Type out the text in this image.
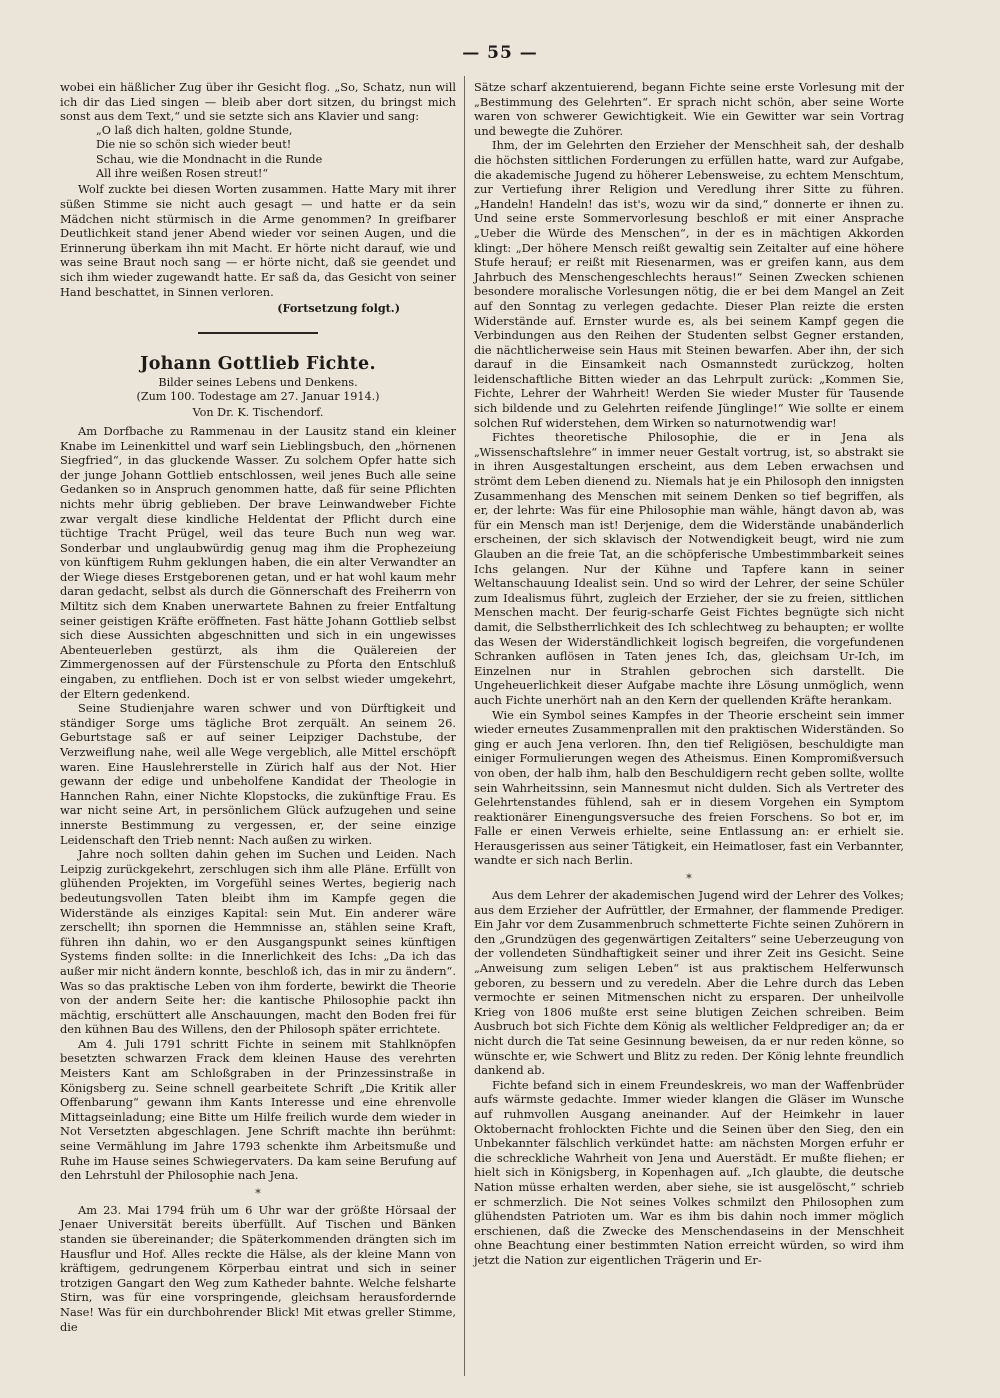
— 55 —

wobei ein häßlicher Zug über ihr Gesicht flog. „So, Schatz, nun will ich dir das Lied singen — bleib aber dort sitzen, du bringst mich sonst aus dem Text,“ und sie setzte sich ans Klavier und sang:

„O laß dich halten, goldne Stunde,
Die nie so schön sich wieder beut!
Schau, wie die Mondnacht in die Runde
All ihre weißen Rosen streut!“

Wolf zuckte bei diesen Worten zusammen. Hatte Mary mit ihrer süßen Stimme sie nicht auch gesagt — und hatte er da sein Mädchen nicht stürmisch in die Arme genommen? In greifbarer Deutlichkeit stand jener Abend wieder vor seinen Augen, und die Erinnerung überkam ihn mit Macht. Er hörte nicht darauf, wie und was seine Braut noch sang — er hörte nicht, daß sie geendet und sich ihm wieder zugewandt hatte. Er saß da, das Gesicht von seiner Hand beschattet, in Sinnen verloren.

(Fortsetzung folgt.)

Johann Gottlieb Fichte.
Bilder seines Lebens und Denkens.
(Zum 100. Todestage am 27. Januar 1914.)
Von Dr. K. Tischendorf.

Am Dorfbache zu Rammenau in der Lausitz stand ein kleiner Knabe im Leinenkittel und warf sein Lieblingsbuch, den „hörnenen Siegfried“, in das gluckende Wasser. Zu solchem Opfer hatte sich der junge Johann Gottlieb entschlossen, weil jenes Buch alle seine Gedanken so in Anspruch genommen hatte, daß für seine Pflichten nichts mehr übrig geblieben. Der brave Leinwandweber Fichte zwar vergalt diese kindliche Heldentat der Pflicht durch eine tüchtige Tracht Prügel, weil das teure Buch nun weg war. Sonderbar und unglaubwürdig genug mag ihm die Prophezeiung von künftigem Ruhm geklungen haben, die ein alter Verwandter an der Wiege dieses Erstgeborenen getan, und er hat wohl kaum mehr daran gedacht, selbst als durch die Gönnerschaft des Freiherrn von Miltitz sich dem Knaben unerwartete Bahnen zu freier Entfaltung seiner geistigen Kräfte eröffneten. Fast hätte Johann Gottlieb selbst sich diese Aussichten abgeschnitten und sich in ein ungewisses Abenteuerleben gestürzt, als ihm die Quälereien der Zimmergenossen auf der Fürstenschule zu Pforta den Entschluß eingaben, zu entfliehen. Doch ist er von selbst wieder umgekehrt, der Eltern gedenkend.

Seine Studienjahre waren schwer und von Dürftigkeit und ständiger Sorge ums tägliche Brot zerquält. An seinem 26. Geburtstage saß er auf seiner Leipziger Dachstube, der Verzweiflung nahe, weil alle Wege vergeblich, alle Mittel erschöpft waren. Eine Hauslehrerstelle in Zürich half aus der Not. Hier gewann der edige und unbeholfene Kandidat der Theologie in Hannchen Rahn, einer Nichte Klopstocks, die zukünftige Frau. Es war nicht seine Art, in persönlichem Glück aufzugehen und seine innerste Bestimmung zu vergessen, er, der seine einzige Leidenschaft den Trieb nennt: Nach außen zu wirken.

Jahre noch sollten dahin gehen im Suchen und Leiden. Nach Leipzig zurückgekehrt, zerschlugen sich ihm alle Pläne. Erfüllt von glühenden Projekten, im Vorgefühl seines Wertes, begierig nach bedeutungsvollen Taten bleibt ihm im Kampfe gegen die Widerstände als einziges Kapital: sein Mut. Ein anderer wäre zerschellt; ihn spornen die Hemmnisse an, stählen seine Kraft, führen ihn dahin, wo er den Ausgangspunkt seines künftigen Systems finden sollte: in die Innerlichkeit des Ichs: „Da ich das außer mir nicht ändern konnte, beschloß ich, das in mir zu ändern“. Was so das praktische Leben von ihm forderte, bewirkt die Theorie von der andern Seite her: die kantische Philosophie packt ihn mächtig, erschüttert alle Anschauungen, macht den Boden frei für den kühnen Bau des Willens, den der Philosoph später errichtete.

Am 4. Juli 1791 schritt Fichte in seinem mit Stahlknöpfen besetzten schwarzen Frack dem kleinen Hause des verehrten Meisters Kant am Schloßgraben in der Prinzessinstraße in Königsberg zu. Seine schnell gearbeitete Schrift „Die Kritik aller Offenbarung“ gewann ihm Kants Interesse und eine ehrenvolle Mittagseinladung; eine Bitte um Hilfe freilich wurde dem wieder in Not Versetzten abgeschlagen. Jene Schrift machte ihn berühmt: seine Vermählung im Jahre 1793 schenkte ihm Arbeitsmuße und Ruhe im Hause seines Schwiegervaters. Da kam seine Berufung auf den Lehrstuhl der Philosophie nach Jena.

*

Am 23. Mai 1794 früh um 6 Uhr war der größte Hörsaal der Jenaer Universität bereits überfüllt. Auf Tischen und Bänken standen sie übereinander; die Späterkommenden drängten sich im Hausflur und Hof. Alles reckte die Hälse, als der kleine Mann von kräftigem, gedrungenem Körperbau eintrat und sich in seiner trotzigen Gangart den Weg zum Katheder bahnte. Welche felsharte Stirn, was für eine vorspringende, gleichsam herausfordernde Nase! Was für ein durchbohrender Blick! Mit etwas greller Stimme, die

Sätze scharf akzentuierend, begann Fichte seine erste Vorlesung mit der „Bestimmung des Gelehrten“. Er sprach nicht schön, aber seine Worte waren von schwerer Gewichtigkeit. Wie ein Gewitter war sein Vortrag und bewegte die Zuhörer.

Ihm, der im Gelehrten den Erzieher der Menschheit sah, der deshalb die höchsten sittlichen Forderungen zu erfüllen hatte, ward zur Aufgabe, die akademische Jugend zu höherer Lebensweise, zu echtem Menschtum, zur Vertiefung ihrer Religion und Veredlung ihrer Sitte zu führen. „Handeln! Handeln! das ist's, wozu wir da sind,“ donnerte er ihnen zu. Und seine erste Sommervorlesung beschloß er mit einer Ansprache „Ueber die Würde des Menschen“, in der es in mächtigen Akkorden klingt: „Der höhere Mensch reißt gewaltig sein Zeitalter auf eine höhere Stufe herauf; er reißt mit Riesenarmen, was er greifen kann, aus dem Jahrbuch des Menschengeschlechts heraus!“ Seinen Zwecken schienen besondere moralische Vorlesungen nötig, die er bei dem Mangel an Zeit auf den Sonntag zu verlegen gedachte. Dieser Plan reizte die ersten Widerstände auf. Ernster wurde es, als bei seinem Kampf gegen die Verbindungen aus den Reihen der Studenten selbst Gegner erstanden, die nächtlicherweise sein Haus mit Steinen bewarfen. Aber ihn, der sich darauf in die Einsamkeit nach Osmannstedt zurückzog, holten leidenschaftliche Bitten wieder an das Lehrpult zurück: „Kommen Sie, Fichte, Lehrer der Wahrheit! Werden Sie wieder Muster für Tausende sich bildende und zu Gelehrten reifende Jünglinge!“ Wie sollte er einem solchen Ruf widerstehen, dem Wirken so naturnotwendig war!

Fichtes theoretische Philosophie, die er in Jena als „Wissenschaftslehre“ in immer neuer Gestalt vortrug, ist, so abstrakt sie in ihren Ausgestaltungen erscheint, aus dem Leben erwachsen und strömt dem Leben dienend zu. Niemals hat je ein Philosoph den innigsten Zusammenhang des Menschen mit seinem Denken so tief begriffen, als er, der lehrte: Was für eine Philosophie man wähle, hängt davon ab, was für ein Mensch man ist! Derjenige, dem die Widerstände unabänderlich erscheinen, der sich sklavisch der Notwendigkeit beugt, wird nie zum Glauben an die freie Tat, an die schöpferische Umbestimmbarkeit seines Ichs gelangen. Nur der Kühne und Tapfere kann in seiner Weltanschauung Idealist sein. Und so wird der Lehrer, der seine Schüler zum Idealismus führt, zugleich der Erzieher, der sie zu freien, sittlichen Menschen macht. Der feurig-scharfe Geist Fichtes begnügte sich nicht damit, die Selbstherrlichkeit des Ich schlechtweg zu behaupten; er wollte das Wesen der Widerständlichkeit logisch begreifen, die vorgefundenen Schranken auflösen in Taten jenes Ich, das, gleichsam Ur-Ich, im Einzelnen nur in Strahlen gebrochen sich darstellt. Die Ungeheuerlichkeit dieser Aufgabe machte ihre Lösung unmöglich, wenn auch Fichte unerhört nah an den Kern der quellenden Kräfte herankam.

Wie ein Symbol seines Kampfes in der Theorie erscheint sein immer wieder erneutes Zusammenprallen mit den praktischen Widerständen. So ging er auch Jena verloren. Ihn, den tief Religiösen, beschuldigte man einiger Formulierungen wegen des Atheismus. Einen Kompromißversuch von oben, der halb ihm, halb den Beschuldigern recht geben sollte, wollte sein Wahrheitssinn, sein Mannesmut nicht dulden. Sich als Vertreter des Gelehrtenstandes fühlend, sah er in diesem Vorgehen ein Symptom reaktionärer Einengungsversuche des freien Forschens. So bot er, im Falle er einen Verweis erhielte, seine Entlassung an: er erhielt sie. Herausgerissen aus seiner Tätigkeit, ein Heimatloser, fast ein Verbannter, wandte er sich nach Berlin.

*

Aus dem Lehrer der akademischen Jugend wird der Lehrer des Volkes; aus dem Erzieher der Aufrüttler, der Ermahner, der flammende Prediger. Ein Jahr vor dem Zusammenbruch schmetterte Fichte seinen Zuhörern in den „Grundzügen des gegenwärtigen Zeitalters“ seine Ueberzeugung von der vollendeten Sündhaftigkeit seiner und ihrer Zeit ins Gesicht. Seine „Anweisung zum seligen Leben“ ist aus praktischem Helferwunsch geboren, zu bessern und zu veredeln. Aber die Lehre durch das Leben vermochte er seinen Mitmenschen nicht zu ersparen. Der unheilvolle Krieg von 1806 mußte erst seine blutigen Zeichen schreiben. Beim Ausbruch bot sich Fichte dem König als weltlicher Feldprediger an; da er nicht durch die Tat seine Gesinnung beweisen, da er nur reden könne, so wünschte er, wie Schwert und Blitz zu reden. Der König lehnte freundlich dankend ab.

Fichte befand sich in einem Freundeskreis, wo man der Waffenbrüder aufs wärmste gedachte. Immer wieder klangen die Gläser im Wunsche auf ruhmvollen Ausgang aneinander. Auf der Heimkehr in lauer Oktobernacht frohlockten Fichte und die Seinen über den Sieg, den ein Unbekannter fälschlich verkündet hatte: am nächsten Morgen erfuhr er die schreckliche Wahrheit von Jena und Auerstädt. Er mußte fliehen; er hielt sich in Königsberg, in Kopenhagen auf. „Ich glaubte, die deutsche Nation müsse erhalten werden, aber siehe, sie ist ausgelöscht,“ schrieb er schmerzlich. Die Not seines Volkes schmilzt den Philosophen zum glühendsten Patrioten um. War es ihm bis dahin noch immer möglich erschienen, daß die Zwecke des Menschendaseins in der Menschheit ohne Beachtung einer bestimmten Nation erreicht würden, so wird ihm jetzt die Nation zur eigentlichen Trägerin und Er-
